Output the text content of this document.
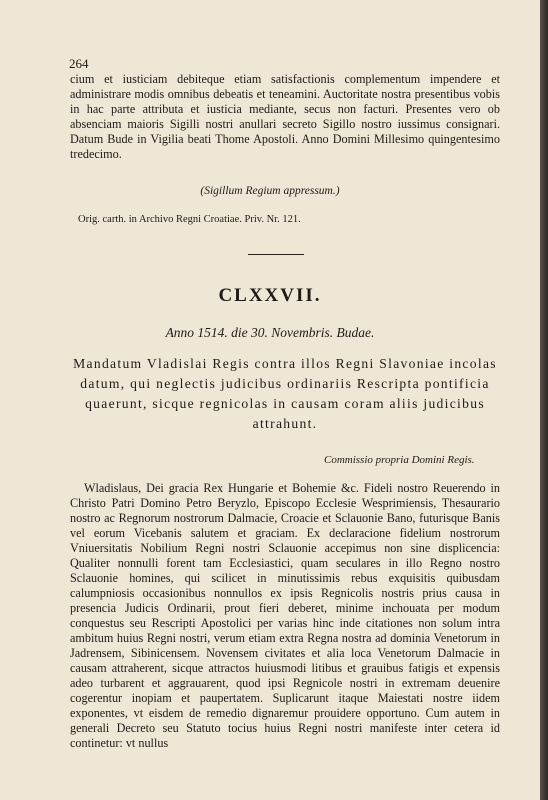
264

cium et iusticiam debiteque etiam satisfactionis complementum impendere et administrare modis omnibus debeatis et teneamini. Auctoritate nostra presentibus vobis in hac parte attributa et iusticia mediante, secus non facturi. Presentes vero ob absenciam maioris Sigilli nostri anullari secreto Sigillo nostro iussimus consignari. Datum Bude in Vigilia beati Thome Apostoli. Anno Domini Millesimo quingentesimo tredecimo.

(Sigillum Regium appressum.)
Orig. carth. in Archivo Regni Croatiae. Priv. Nr. 121.
CLXXVII.
Anno 1514. die 30. Novembris. Budae.
Mandatum Vladislai Regis contra illos Regni Slavoniae incolas datum, qui neglectis judicibus ordinariis Rescripta pontificia quaerunt, sicque regnicolas in causam coram aliis judicibus attrahunt.
Commissio propria Domini Regis.

Wladislaus, Dei gracia Rex Hungarie et Bohemie &c. Fideli nostro Reuerendo in Christo Patri Domino Petro Beryzlo, Episcopo Ecclesie Wesprimiensis, Thesaurario nostro ac Regnorum nostrorum Dalmacie, Croacie et Sclauonie Bano, futurisque Banis vel eorum Vicebanis salutem et graciam. Ex declaracione fidelium nostrorum Vniuersitatis Nobilium Regni nostri Sclauonie accepimus non sine displicencia: Qualiter nonnulli forent tam Ecclesiastici, quam seculares in illo Regno nostro Sclauonie homines, qui scilicet in minutissimis rebus exquisitis quibusdam calumpniosis occasionibus nonnullos ex ipsis Regnicolis nostris prius causa in presencia Judicis Ordinarii, prout fieri deberet, minime inchouata per modum conquestus seu Rescripti Apostolici per varias hinc inde citationes non solum intra ambitum huius Regni nostri, verum etiam extra Regna nostra ad dominia Venetorum in Jadrensem, Sibinicensem. Novensem civitates et alia loca Venetorum Dalmacie in causam attraherent, sicque attractos huiusmodi litibus et grauibus fatigis et expensis adeo turbarent et aggrauarent, quod ipsi Regnicole nostri in extremam deuenire cogerentur inopiam et paupertatem. Suplicarunt itaque Maiestati nostre iidem exponentes, vt eisdem de remedio dignaremur prouidere opportuno. Cum autem in generali Decreto seu Statuto tocius huius Regni nostri manifeste inter cetera id continetur: vt nullus
